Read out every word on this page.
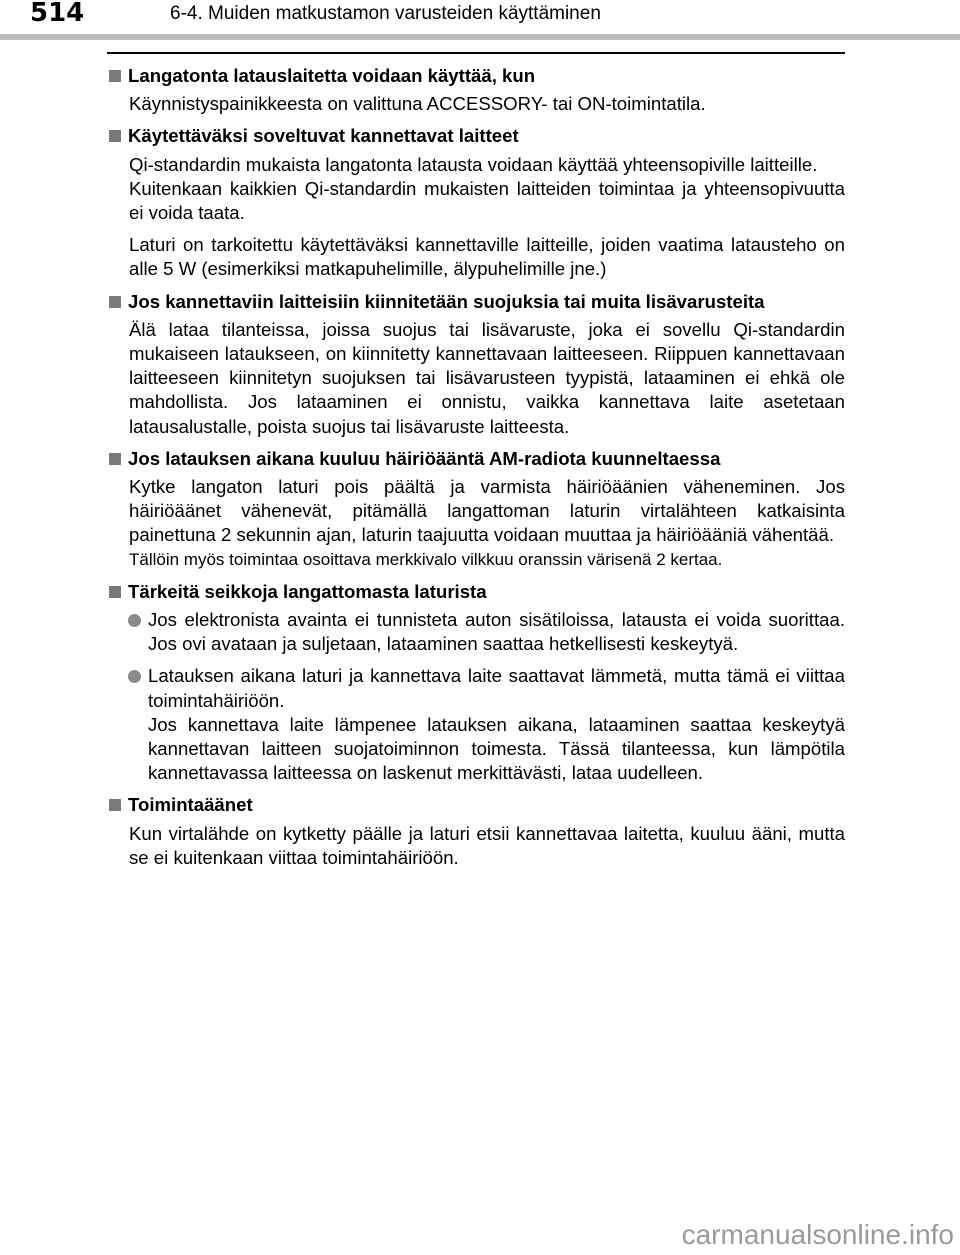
514	6-4. Muiden matkustamon varusteiden käyttäminen
Langatonta latauslaitetta voidaan käyttää, kun
Käynnistyspainikkeesta on valittuna ACCESSORY- tai ON-toimintatila.
Käytettäväksi soveltuvat kannettavat laitteet
Qi-standardin mukaista langatonta latausta voidaan käyttää yhteensopiville laitteille.
Kuitenkaan kaikkien Qi-standardin mukaisten laitteiden toimintaa ja yhteensopivuutta ei voida taata.
Laturi on tarkoitettu käytettäväksi kannettaville laitteille, joiden vaatima latausteho on alle 5 W (esimerkiksi matkapuhelimille, älypuhelimille jne.)
Jos kannettaviin laitteisiin kiinnitetään suojuksia tai muita lisävarusteita
Älä lataa tilanteissa, joissa suojus tai lisävaruste, joka ei sovellu Qi-standardin mukaiseen lataukseen, on kiinnitetty kannettavaan laitteeseen. Riippuen kannettavaan laitteeseen kiinnitetyn suojuksen tai lisävarusteen tyypistä, lataaminen ei ehkä ole mahdollista. Jos lataaminen ei onnistu, vaikka kannettava laite asetetaan latausalustalle, poista suojus tai lisävaruste laitteesta.
Jos latauksen aikana kuuluu häiriöääntä AM-radiota kuunneltaessa
Kytke langaton laturi pois päältä ja varmista häiriöäänien väheneminen. Jos häiriöäänet vähenevät, pitämällä langattoman laturin virtalähteen katkaisinta painettuna 2 sekunnin ajan, laturin taajuutta voidaan muuttaa ja häiriöääniä vähentää.
Tällöin myös toimintaa osoittava merkkivalo vilkkuu oranssin värisenä 2 kertaa.
Tärkeitä seikkoja langattomasta laturista
Jos elektronista avainta ei tunnisteta auton sisätiloissa, latausta ei voida suorittaa. Jos ovi avataan ja suljetaan, lataaminen saattaa hetkellisesti keskeytyä.
Latauksen aikana laturi ja kannettava laite saattavat lämmetä, mutta tämä ei viittaa toimintahäiriöön.
Jos kannettava laite lämpenee latauksen aikana, lataaminen saattaa keskeytyä kannettavan laitteen suojatoiminnon toimesta. Tässä tilanteessa, kun lämpötila kannettavassa laitteessa on laskenut merkittävästi, lataa uudelleen.
Toimintaäänet
Kun virtalähde on kytketty päälle ja laturi etsii kannettavaa laitetta, kuuluu ääni, mutta se ei kuitenkaan viittaa toimintahäiriöön.
carmanualsonline.info
